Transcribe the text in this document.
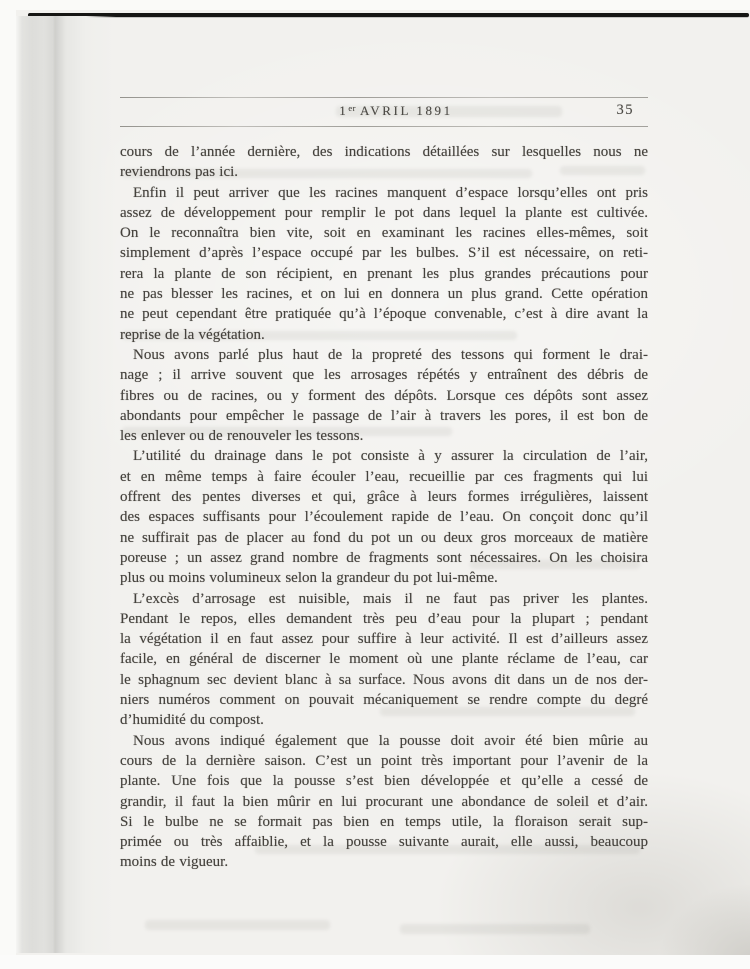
1er AVRIL 1891	35
cours de l’année dernière, des indications détaillées sur lesquelles nous ne
reviendrons pas ici.
Enfin il peut arriver que les racines manquent d’espace lorsqu’elles ont pris
assez de développement pour remplir le pot dans lequel la plante est cultivée.
On le reconnaîtra bien vite, soit en examinant les racines elles-mêmes, soit
simplement d’après l’espace occupé par les bulbes. S’il est nécessaire, on reti-
rera la plante de son récipient, en prenant les plus grandes précautions pour
ne pas blesser les racines, et on lui en donnera un plus grand. Cette opération
ne peut cependant être pratiquée qu’à l’époque convenable, c’est à dire avant la
reprise de la végétation.
Nous avons parlé plus haut de la propreté des tessons qui forment le drai-
nage ; il arrive souvent que les arrosages répétés y entraînent des débris de
fibres ou de racines, ou y forment des dépôts. Lorsque ces dépôts sont assez
abondants pour empêcher le passage de l’air à travers les pores, il est bon de
les enlever ou de renouveler les tessons.
L’utilité du drainage dans le pot consiste à y assurer la circulation de l’air,
et en même temps à faire écouler l’eau, recueillie par ces fragments qui lui
offrent des pentes diverses et qui, grâce à leurs formes irrégulières, laissent
des espaces suffisants pour l’écoulement rapide de l’eau. On conçoit donc qu’il
ne suffirait pas de placer au fond du pot un ou deux gros morceaux de matière
poreuse ; un assez grand nombre de fragments sont nécessaires. On les choisira
plus ou moins volumineux selon la grandeur du pot lui-même.
L’excès d’arrosage est nuisible, mais il ne faut pas priver les plantes.
Pendant le repos, elles demandent très peu d’eau pour la plupart ; pendant
la végétation il en faut assez pour suffire à leur activité. Il est d’ailleurs assez
facile, en général de discerner le moment où une plante réclame de l’eau, car
le sphagnum sec devient blanc à sa surface. Nous avons dit dans un de nos der-
niers numéros comment on pouvait mécaniquement se rendre compte du degré
d’humidité du compost.
Nous avons indiqué également que la pousse doit avoir été bien mûrie au
cours de la dernière saison. C’est un point très important pour l’avenir de la
plante. Une fois que la pousse s’est bien développée et qu’elle a cessé de
grandir, il faut la bien mûrir en lui procurant une abondance de soleil et d’air.
Si le bulbe ne se formait pas bien en temps utile, la floraison serait sup-
primée ou très affaiblie, et la pousse suivante aurait, elle aussi, beaucoup
moins de vigueur.
